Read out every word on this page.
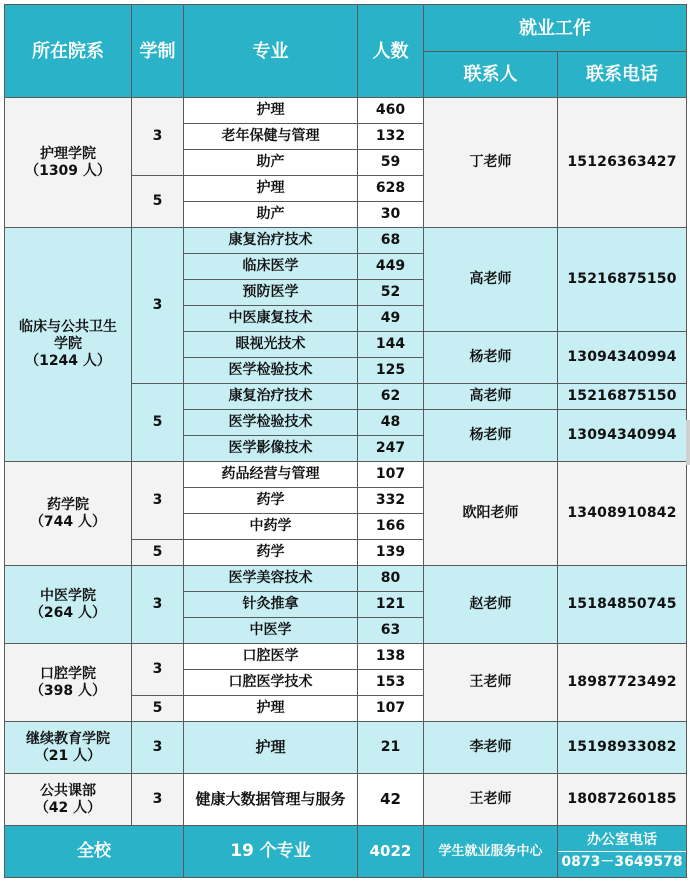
所在院系	学制	专业	人数	就业工作	
				联系人	联系电话
护理学院
（1309 人）	3	护理	460	丁老师	15126363427
		老年保健与管理	132		
		助产	59		
	5	护理	628		
		助产	30		
临床与公共卫生
学院
（1244 人）	3	康复治疗技术	68	高老师	15216875150
		临床医学	449		
		预防医学	52		
		中医康复技术	49		
		眼视光技术	144	杨老师	13094340994
		医学检验技术	125		
	5	康复治疗技术	62	高老师	15216875150
		医学检验技术	48	杨老师	13094340994
		医学影像技术	247		
药学院
（744 人）	3	药品经营与管理	107	欧阳老师	13408910842
		药学	332		
		中药学	166		
	5	药学	139		
中医学院
（264 人）	3	医学美容技术	80	赵老师	15184850745
		针灸推拿	121		
		中医学	63		
口腔学院
（398 人）	3	口腔医学	138	王老师	18987723492
		口腔医学技术	153		
	5	护理	107		
继续教育学院
（21 人）	3	护理	21	李老师	15198933082
公共课部
（42 人）	3	健康大数据管理与服务	42	王老师	18087260185
全校		19 个专业	4022	学生就业服务中心	办公室电话
0873－3649578
